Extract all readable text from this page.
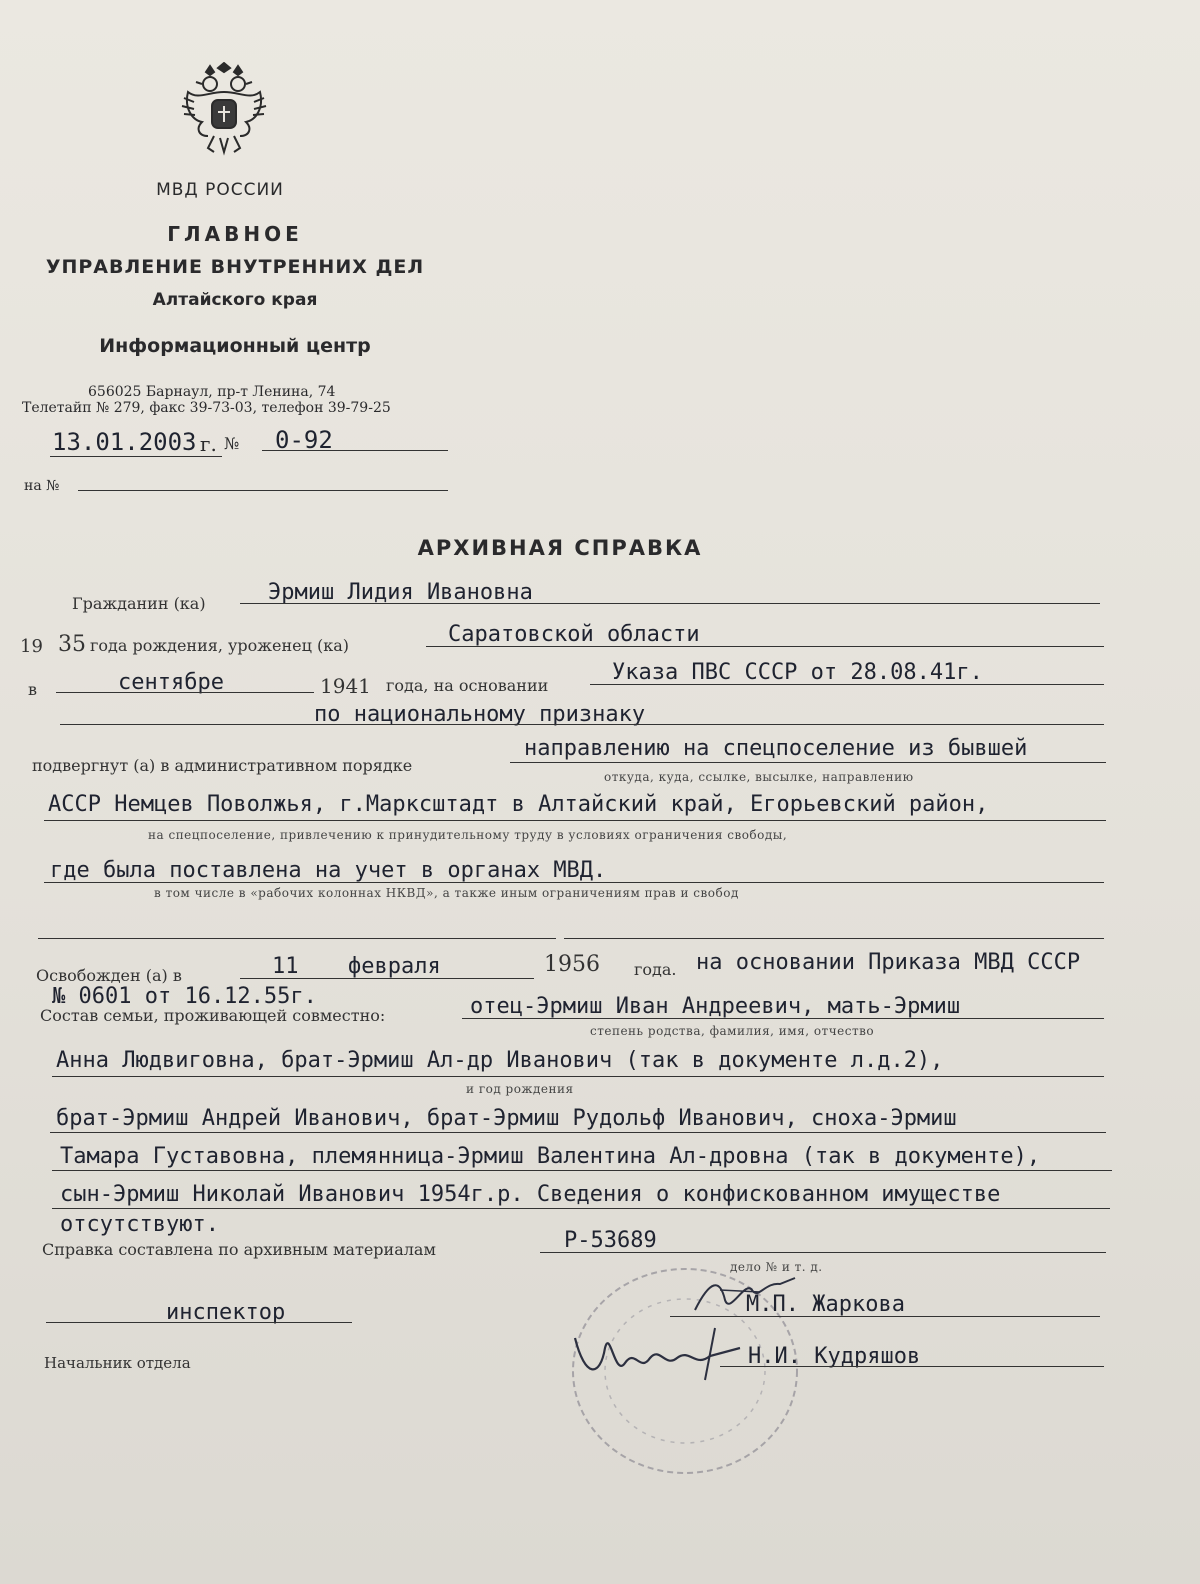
МВД РОССИИ
ГЛАВНОЕ
УПРАВЛЕНИЕ ВНУТРЕННИХ ДЕЛ
Алтайского края
Информационный центр
656025 Барнаул, пр-т Ленина, 74
Телетайп № 279, факс 39-73-03, телефон 39-79-25
13.01.2003 г. № 0-92
на №
АРХИВНАЯ СПРАВКА
Гражданин (ка)	Эрмиш Лидия Ивановна
19 35 года рождения, уроженец (ка)	Саратовской области
в	сентябре	1941 года, на основании
Указа ПВС СССР от 28.08.41г.
по национальному признаку
подвергнут (а) в административном порядке
направлению на спецпоселение из бывшей
откуда, куда, ссылке, высылке, направлению
АССР Немцев Поволжья, г.Марксштадт в Алтайский край, Егорьевский район,
на спецпоселение, привлечению к принудительному труду в условиях ограничения свободы,
где была поставлена на учет в органах МВД.
в том числе в «рабочих колоннах НКВД», а также иным ограничениям прав и свобод
Освобожден (а) в	11 февраля	1956 года. на основании Приказа МВД СССР
№ 0601 от 16.12.55г.
Состав семьи, проживающей совместно:	отец-Эрмиш Иван Андреевич, мать-Эрмиш
степень родства, фамилия, имя, отчество
Анна Людвиговна, брат-Эрмиш Ал-др Иванович (так в документе л.д.2),
и год рождения
брат-Эрмиш Андрей Иванович, брат-Эрмиш Рудольф Иванович, сноха-Эрмиш
Тамара Густавовна, племянница-Эрмиш Валентина Ал-дровна (так в документе),
сын-Эрмиш Николай Иванович 1954г.р. Сведения о конфискованном имуществе
отсутствуют.
Справка составлена по архивным материалам	Р-53689
дело № и т. д.
инспектор	М.П. Жаркова
Начальник отдела	Н.И. Кудряшов
